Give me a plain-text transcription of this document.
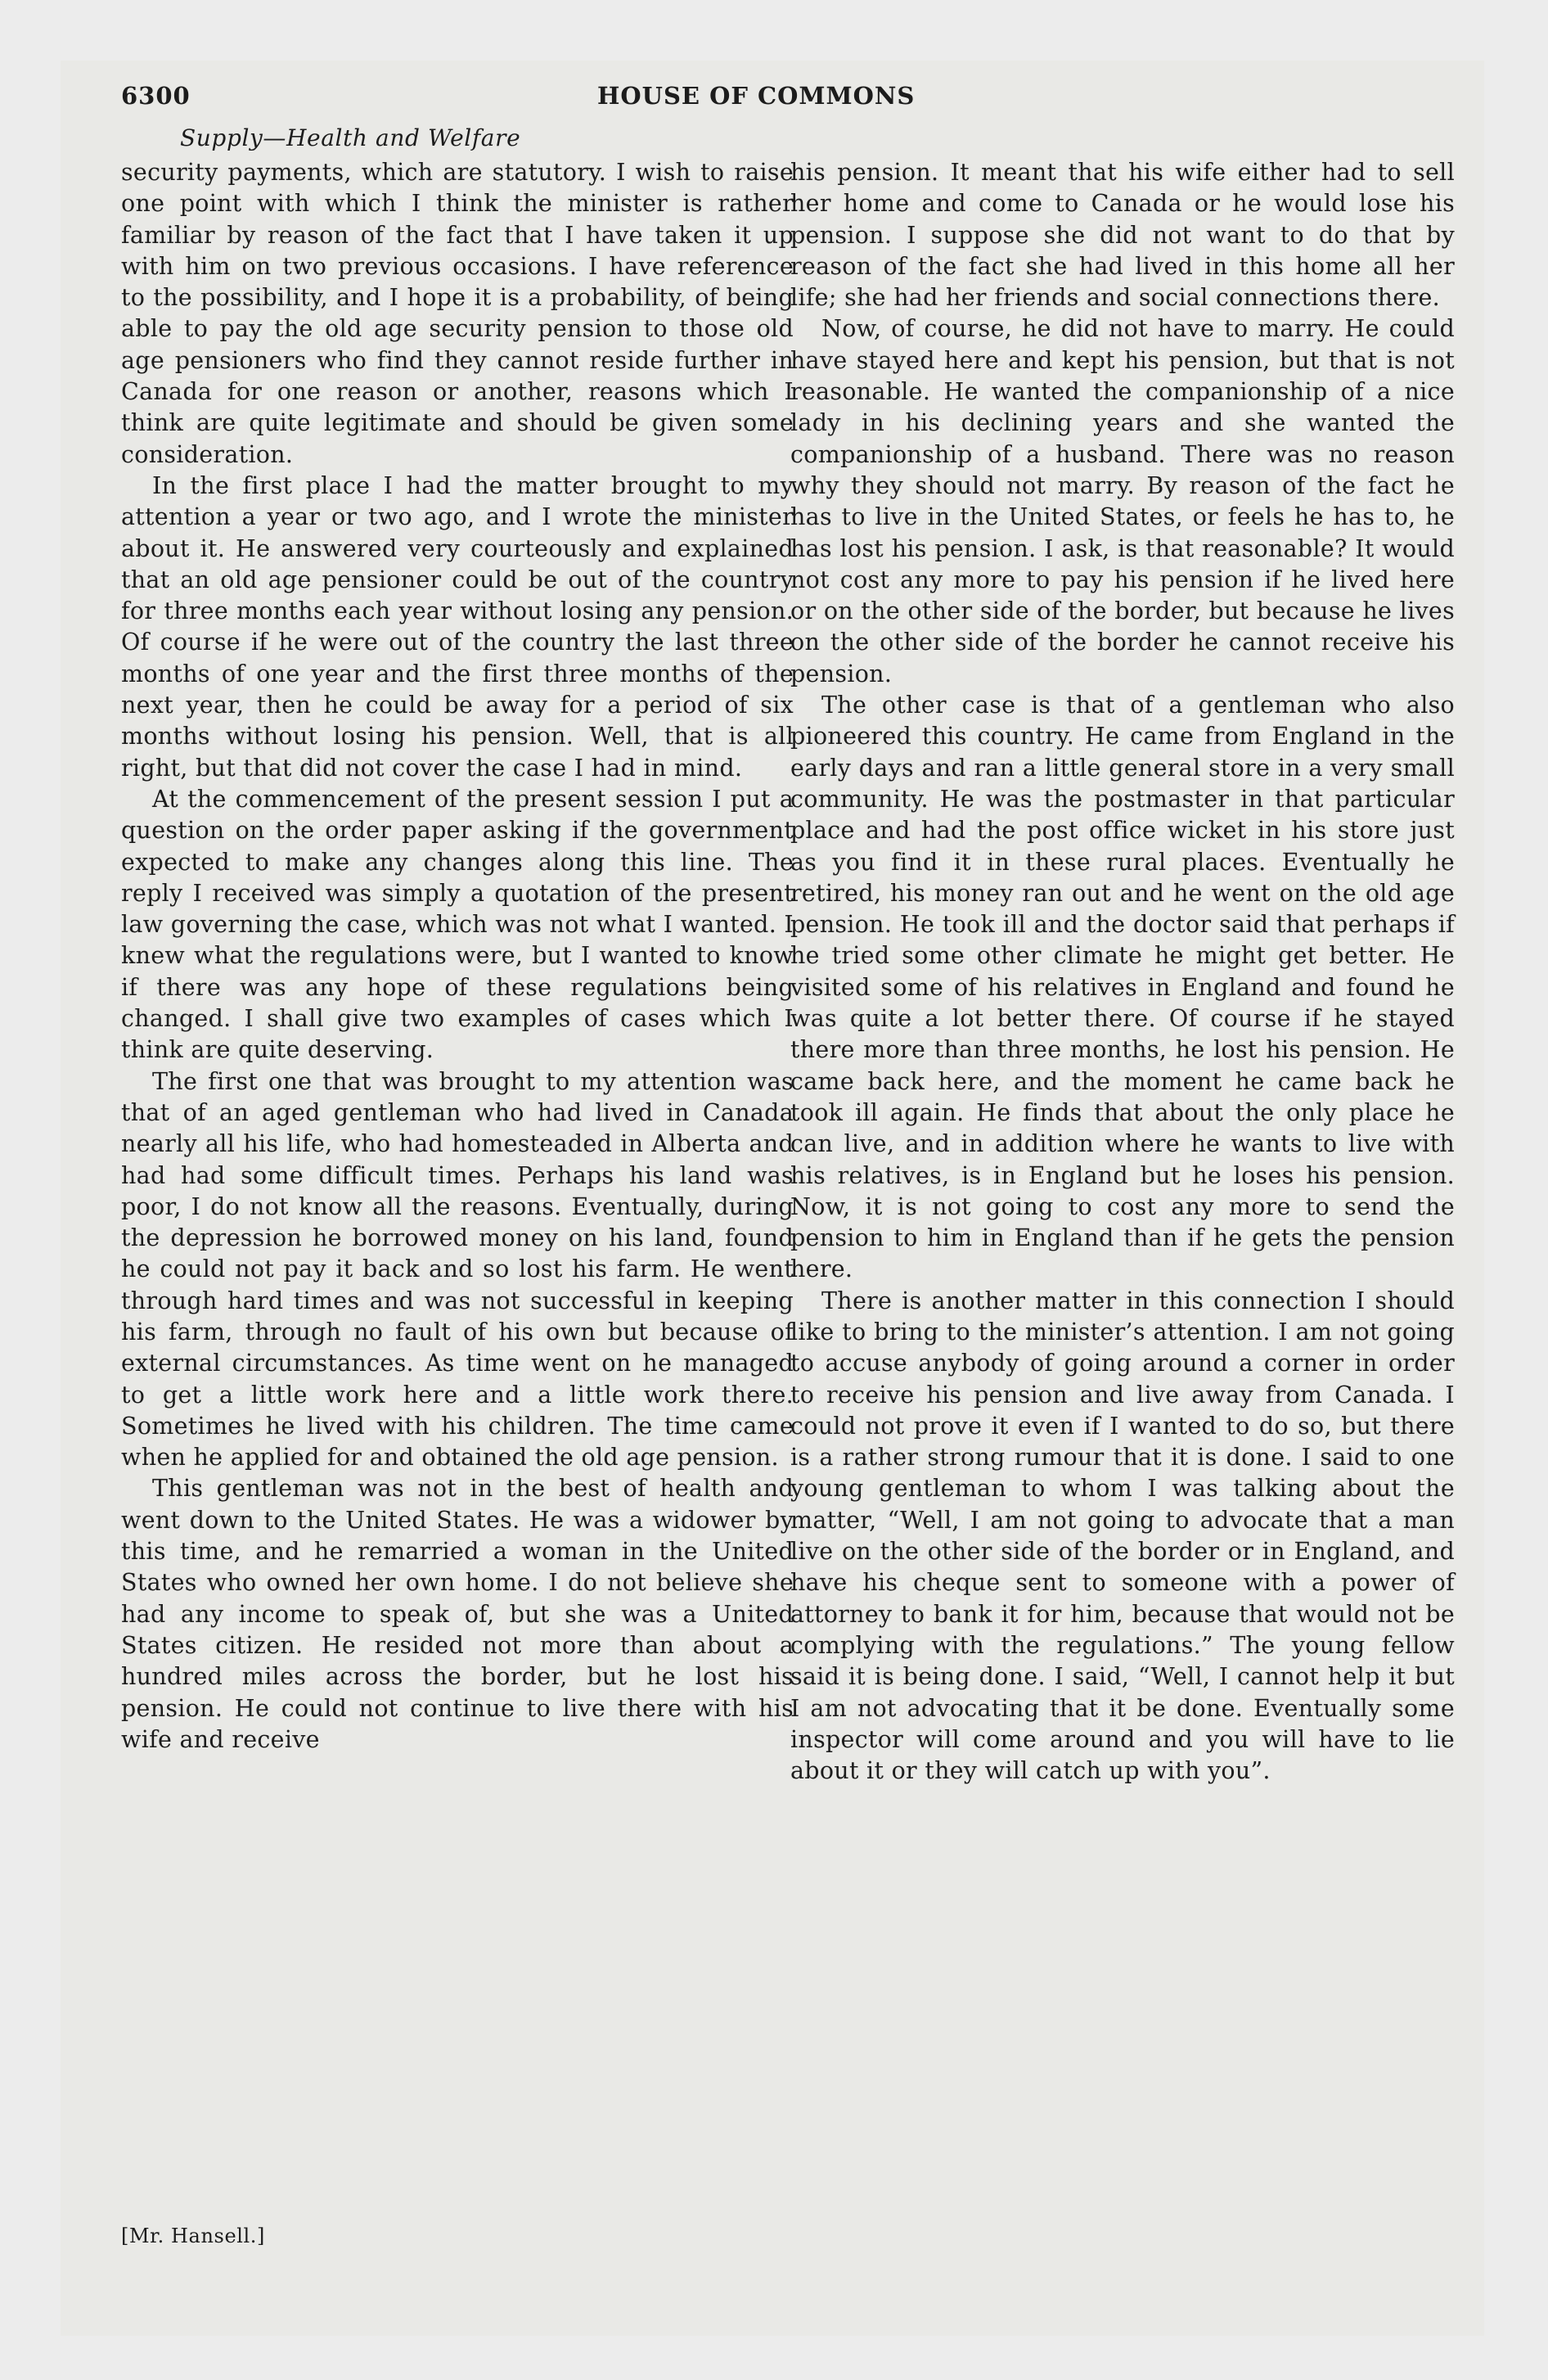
6300	HOUSE OF COMMONS
Supply—Health and Welfare

security payments, which are statutory. I wish to raise one point with which I think the minister is rather familiar by reason of the fact that I have taken it up with him on two previous occasions. I have reference to the possibility, and I hope it is a probability, of being able to pay the old age security pension to those old age pensioners who find they cannot reside further in Canada for one reason or another, reasons which I think are quite legitimate and should be given some consideration.

In the first place I had the matter brought to my attention a year or two ago, and I wrote the minister about it. He answered very courteously and explained that an old age pensioner could be out of the country for three months each year without losing any pension. Of course if he were out of the country the last three months of one year and the first three months of the next year, then he could be away for a period of six months without losing his pension. Well, that is all right, but that did not cover the case I had in mind.

At the commencement of the present session I put a question on the order paper asking if the government expected to make any changes along this line. The reply I received was simply a quotation of the present law governing the case, which was not what I wanted. I knew what the regulations were, but I wanted to know if there was any hope of these regulations being changed. I shall give two examples of cases which I think are quite deserving.

The first one that was brought to my attention was that of an aged gentleman who had lived in Canada nearly all his life, who had homesteaded in Alberta and had had some difficult times. Perhaps his land was poor, I do not know all the reasons. Eventually, during the depression he borrowed money on his land, found he could not pay it back and so lost his farm. He went through hard times and was not successful in keeping his farm, through no fault of his own but because of external circumstances. As time went on he managed to get a little work here and a little work there. Sometimes he lived with his children. The time came when he applied for and obtained the old age pension.

This gentleman was not in the best of health and went down to the United States. He was a widower by this time, and he remarried a woman in the United States who owned her own home. I do not believe she had any income to speak of, but she was a United States citizen. He resided not more than about a hundred miles across the border, but he lost his pension. He could not continue to live there with his wife and receive

his pension. It meant that his wife either had to sell her home and come to Canada or he would lose his pension. I suppose she did not want to do that by reason of the fact she had lived in this home all her life; she had her friends and social connections there.

Now, of course, he did not have to marry. He could have stayed here and kept his pension, but that is not reasonable. He wanted the companionship of a nice lady in his declining years and she wanted the companionship of a husband. There was no reason why they should not marry. By reason of the fact he has to live in the United States, or feels he has to, he has lost his pension. I ask, is that reasonable? It would not cost any more to pay his pension if he lived here or on the other side of the border, but because he lives on the other side of the border he cannot receive his pension.

The other case is that of a gentleman who also pioneered this country. He came from England in the early days and ran a little general store in a very small community. He was the postmaster in that particular place and had the post office wicket in his store just as you find it in these rural places. Eventually he retired, his money ran out and he went on the old age pension. He took ill and the doctor said that perhaps if he tried some other climate he might get better. He visited some of his relatives in England and found he was quite a lot better there. Of course if he stayed there more than three months, he lost his pension. He came back here, and the moment he came back he took ill again. He finds that about the only place he can live, and in addition where he wants to live with his relatives, is in England but he loses his pension. Now, it is not going to cost any more to send the pension to him in England than if he gets the pension here.

There is another matter in this connection I should like to bring to the minister’s attention. I am not going to accuse anybody of going around a corner in order to receive his pension and live away from Canada. I could not prove it even if I wanted to do so, but there is a rather strong rumour that it is done. I said to one young gentleman to whom I was talking about the matter, “Well, I am not going to advocate that a man live on the other side of the border or in England, and have his cheque sent to someone with a power of attorney to bank it for him, because that would not be complying with the regulations.” The young fellow said it is being done. I said, “Well, I cannot help it but I am not advocating that it be done. Eventually some inspector will come around and you will have to lie about it or they will catch up with you”.

[Mr. Hansell.]
